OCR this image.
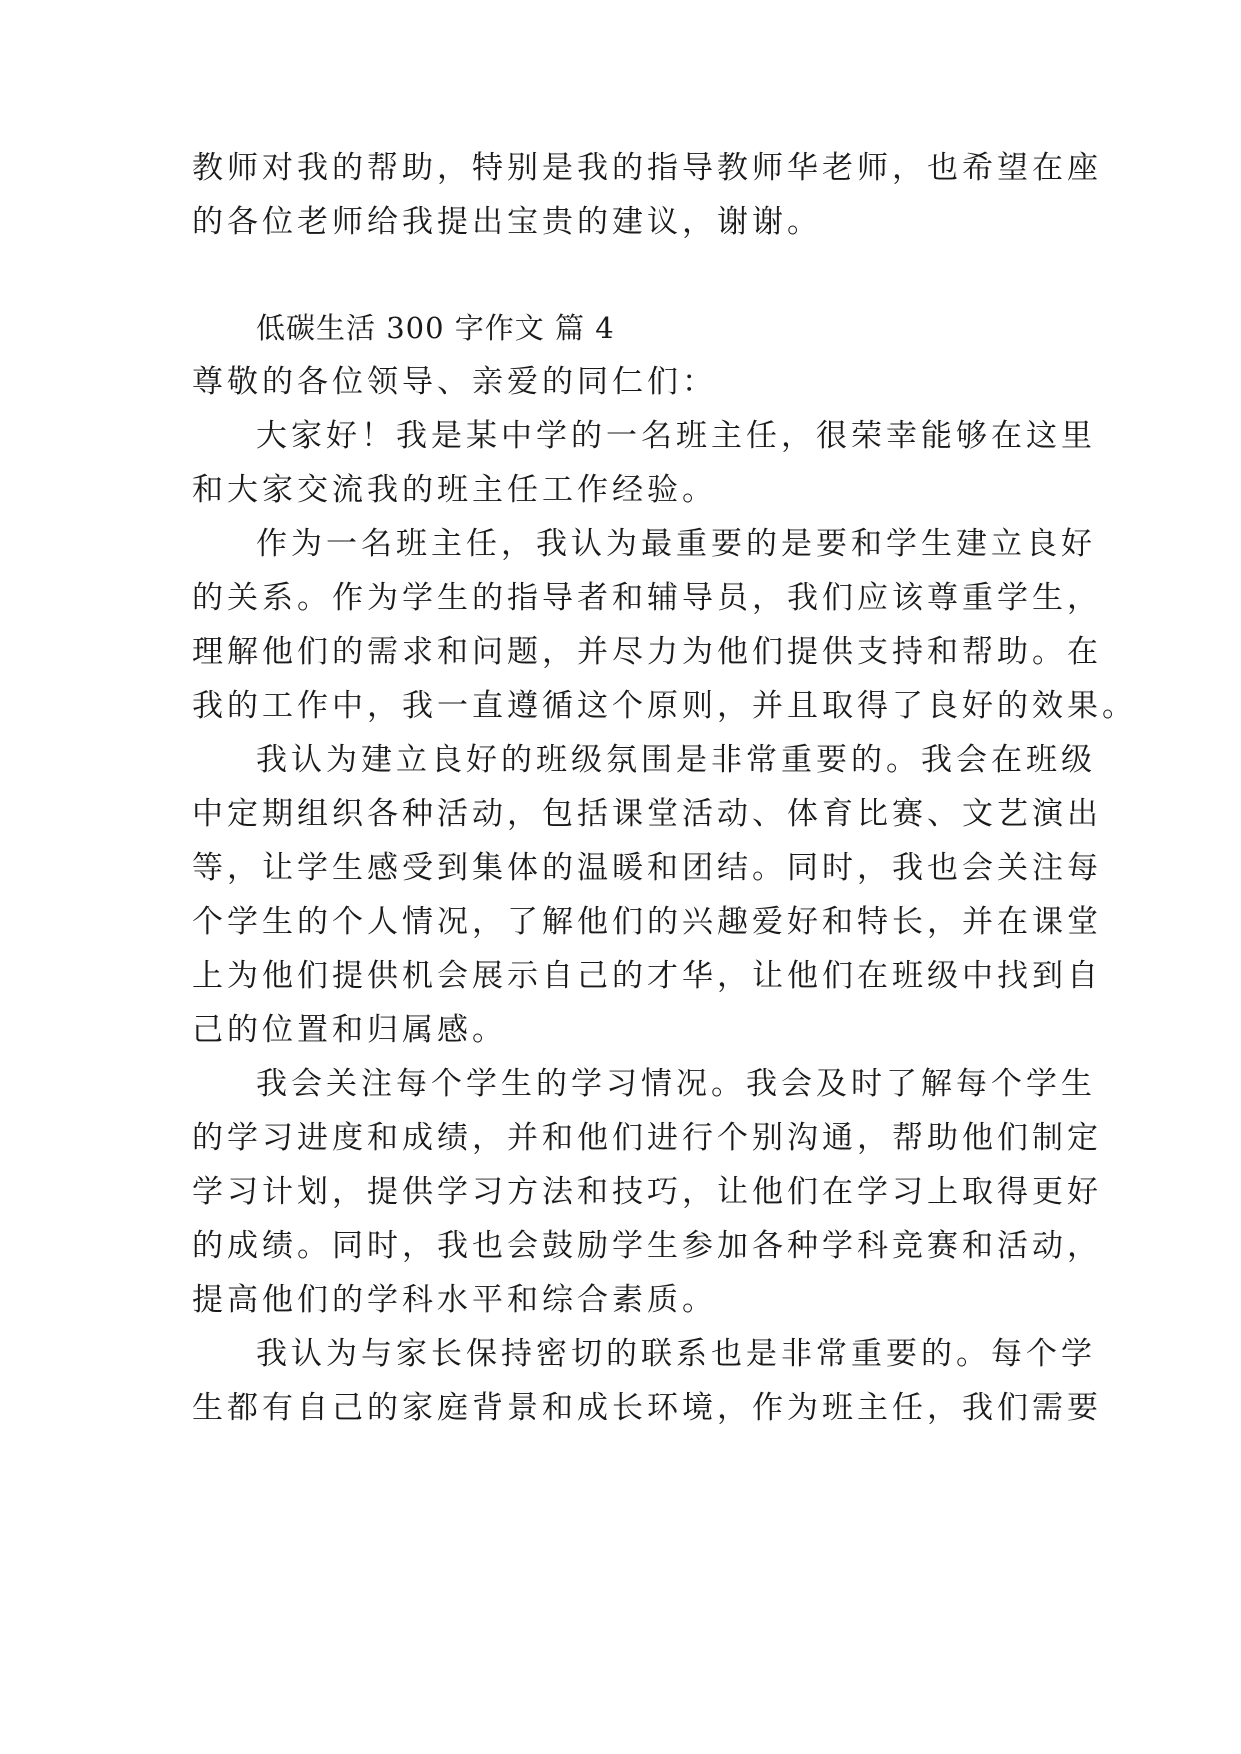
教师对我的帮助，特别是我的指导教师华老师，也希望在座
的各位老师给我提出宝贵的建议，谢谢。
低碳生活 300 字作文 篇 4
尊敬的各位领导、亲爱的同仁们：
大家好！我是某中学的一名班主任，很荣幸能够在这里
和大家交流我的班主任工作经验。
作为一名班主任，我认为最重要的是要和学生建立良好
的关系。作为学生的指导者和辅导员，我们应该尊重学生，
理解他们的需求和问题，并尽力为他们提供支持和帮助。在
我的工作中，我一直遵循这个原则，并且取得了良好的效果。
我认为建立良好的班级氛围是非常重要的。我会在班级
中定期组织各种活动，包括课堂活动、体育比赛、文艺演出
等，让学生感受到集体的温暖和团结。同时，我也会关注每
个学生的个人情况，了解他们的兴趣爱好和特长，并在课堂
上为他们提供机会展示自己的才华，让他们在班级中找到自
己的位置和归属感。
我会关注每个学生的学习情况。我会及时了解每个学生
的学习进度和成绩，并和他们进行个别沟通，帮助他们制定
学习计划，提供学习方法和技巧，让他们在学习上取得更好
的成绩。同时，我也会鼓励学生参加各种学科竞赛和活动，
提高他们的学科水平和综合素质。
我认为与家长保持密切的联系也是非常重要的。每个学
生都有自己的家庭背景和成长环境，作为班主任，我们需要
